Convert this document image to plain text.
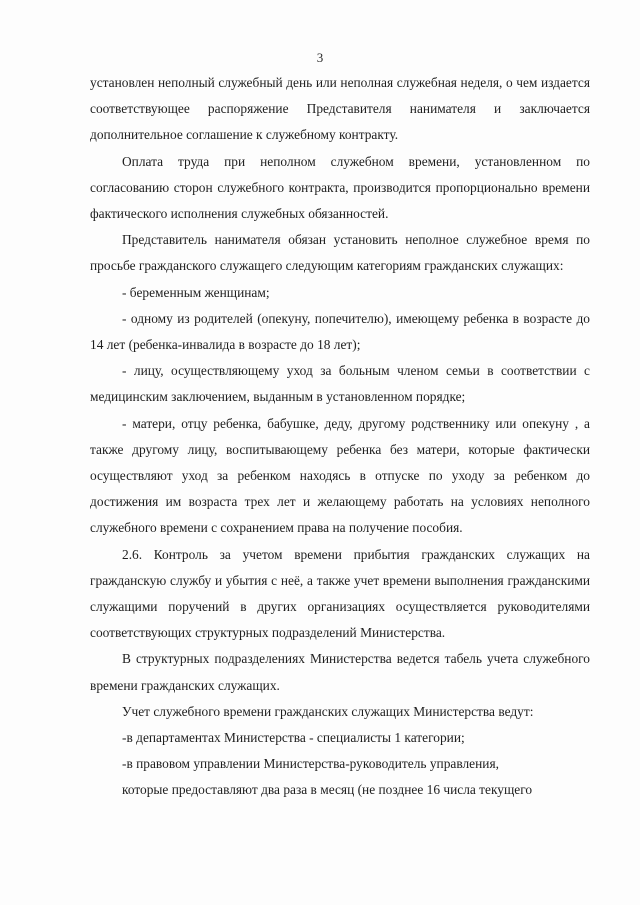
3

установлен неполный служебный день или неполная служебная неделя, о чем издается соответствующее распоряжение Представителя нанимателя и заключается дополнительное соглашение к служебному контракту.

Оплата труда при неполном служебном времени, установленном по согласованию сторон служебного контракта, производится пропорционально времени фактического исполнения служебных обязанностей.

Представитель нанимателя обязан установить неполное служебное время по просьбе гражданского служащего следующим категориям гражданских служащих:

- беременным женщинам;

- одному из родителей (опекуну, попечителю), имеющему ребенка в возрасте до 14 лет (ребенка-инвалида в возрасте до 18 лет);

- лицу, осуществляющему уход за больным членом семьи в соответствии с медицинским заключением, выданным в установленном порядке;

- матери, отцу ребенка, бабушке, деду, другому родственнику или опекуну , а также другому лицу, воспитывающему ребенка без матери, которые фактически осуществляют уход за ребенком находясь в отпуске по уходу за ребенком до достижения им возраста трех лет и желающему работать на условиях неполного служебного времени с сохранением права на получение пособия.

2.6. Контроль за учетом времени прибытия гражданских служащих на гражданскую службу и убытия с неё, а также учет времени выполнения гражданскими служащими поручений в других организациях осуществляется руководителями соответствующих структурных подразделений Министерства.

В структурных подразделениях Министерства ведется табель учета служебного времени гражданских служащих.

Учет служебного времени гражданских служащих Министерства ведут:

-в департаментах Министерства - специалисты 1 категории;

-в правовом управлении Министерства-руководитель управления,

которые предоставляют два раза в месяц (не позднее 16 числа текущего
